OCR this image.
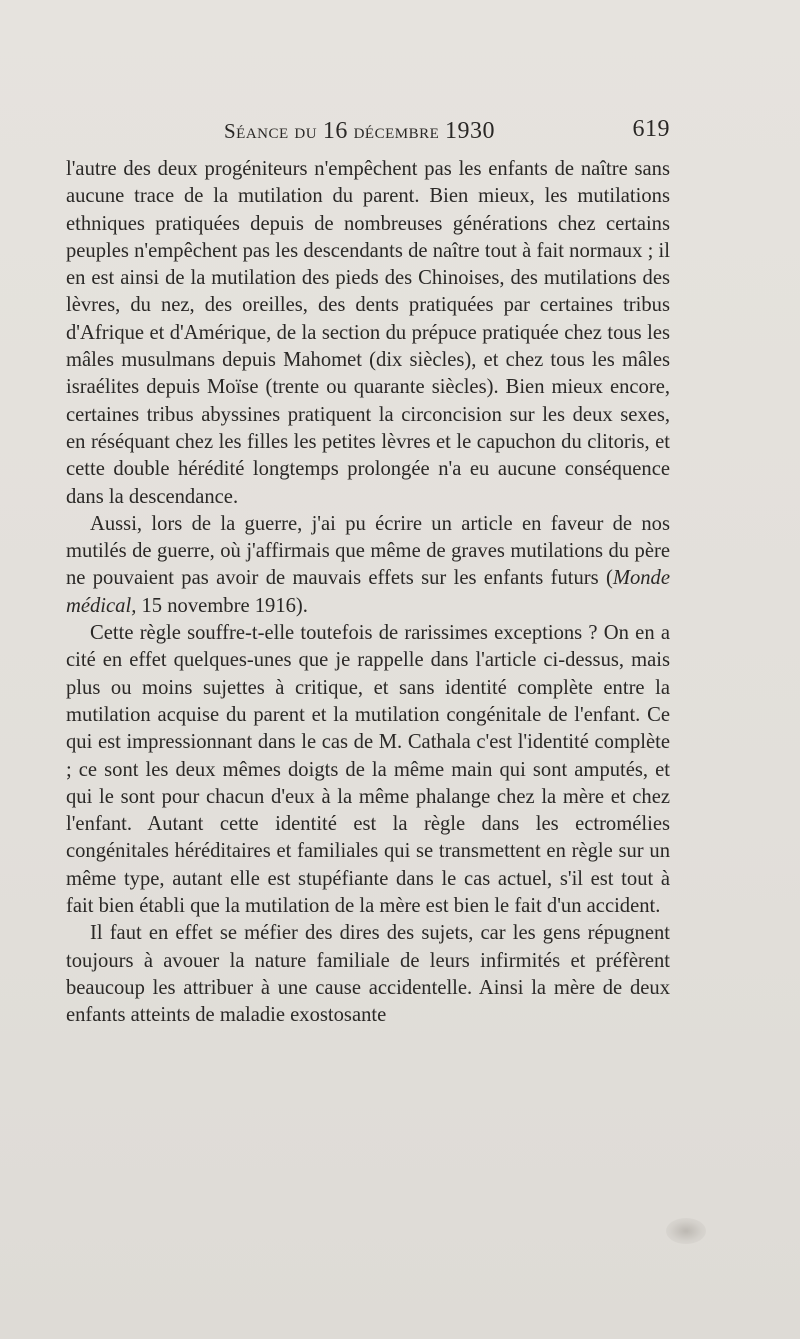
Séance du 16 décembre 1930	619

l'autre des deux progéniteurs n'empêchent pas les enfants de naître sans aucune trace de la mutilation du parent. Bien mieux, les mutilations ethniques pratiquées depuis de nombreuses générations chez certains peuples n'empêchent pas les descendants de naître tout à fait normaux ; il en est ainsi de la mutilation des pieds des Chinoises, des mutilations des lèvres, du nez, des oreilles, des dents pratiquées par certaines tribus d'Afrique et d'Amérique, de la section du prépuce pratiquée chez tous les mâles musulmans depuis Mahomet (dix siècles), et chez tous les mâles israélites depuis Moïse (trente ou quarante siècles). Bien mieux encore, certaines tribus abyssines pratiquent la circoncision sur les deux sexes, en réséquant chez les filles les petites lèvres et le capuchon du clitoris, et cette double hérédité longtemps prolongée n'a eu aucune conséquence dans la descendance.

Aussi, lors de la guerre, j'ai pu écrire un article en faveur de nos mutilés de guerre, où j'affirmais que même de graves mutilations du père ne pouvaient pas avoir de mauvais effets sur les enfants futurs (Monde médical, 15 novembre 1916).

Cette règle souffre-t-elle toutefois de rarissimes exceptions ? On en a cité en effet quelques-unes que je rappelle dans l'article ci-dessus, mais plus ou moins sujettes à critique, et sans identité complète entre la mutilation acquise du parent et la mutilation congénitale de l'enfant. Ce qui est impressionnant dans le cas de M. Cathala c'est l'identité complète ; ce sont les deux mêmes doigts de la même main qui sont amputés, et qui le sont pour chacun d'eux à la même phalange chez la mère et chez l'enfant. Autant cette identité est la règle dans les ectromélies congénitales héréditaires et familiales qui se transmettent en règle sur un même type, autant elle est stupéfiante dans le cas actuel, s'il est tout à fait bien établi que la mutilation de la mère est bien le fait d'un accident.

Il faut en effet se méfier des dires des sujets, car les gens répugnent toujours à avouer la nature familiale de leurs infirmités et préfèrent beaucoup les attribuer à une cause accidentelle. Ainsi la mère de deux enfants atteints de maladie exostosante
